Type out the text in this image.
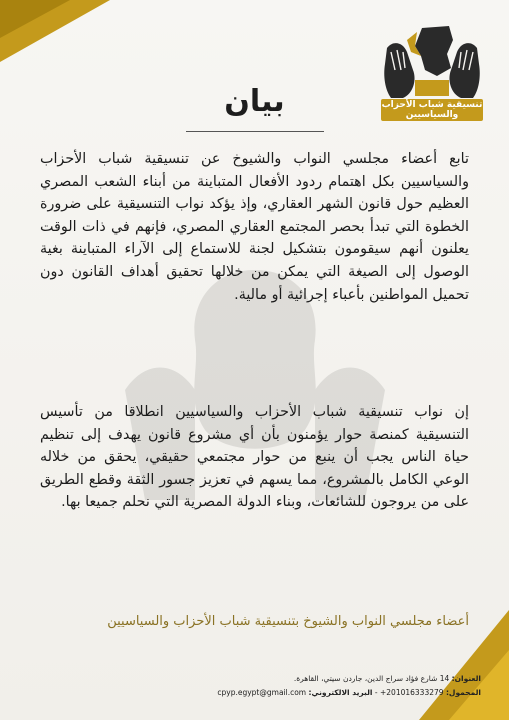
تنسيقية شباب الأحزاب والسياسيين
بيان
تابع أعضاء مجلسي النواب والشيوخ عن تنسيقية شباب الأحزاب والسياسيين بكل اهتمام ردود الأفعال المتباينة من أبناء الشعب المصري العظيم حول قانون الشهر العقاري، وإذ يؤكد نواب التنسيقية على ضرورة الخطوة التي تبدأ بحصر المجتمع العقاري المصري، فإنهم في ذات الوقت يعلنون أنهم سيقومون بتشكيل لجنة للاستماع إلى الآراء المتباينة بغية الوصول إلى الصيغة التي يمكن من خلالها تحقيق أهداف القانون دون تحميل المواطنين بأعباء إجرائية أو مالية.
إن نواب تنسيقية شباب الأحزاب والسياسيين انطلاقا من تأسيس التنسيقية كمنصة حوار يؤمنون بأن أي مشروع قانون يهدف إلى تنظيم حياة الناس يجب أن ينبع من حوار مجتمعي حقيقي، يحقق من خلاله الوعي الكامل بالمشروع، مما يسهم في تعزيز جسور الثقة وقطع الطريق على من يروجون للشائعات، وبناء الدولة المصرية التي نحلم جميعا بها.
أعضاء مجلسي النواب والشيوخ بتنسيقية شباب الأحزاب والسياسيين
العنوان: 14 شارع فؤاد سراج الدين، جاردن سيتي، القاهرة.
المحمول: 201016333279+ - البريد الالكتروني: cpyp.egypt@gmail.com
